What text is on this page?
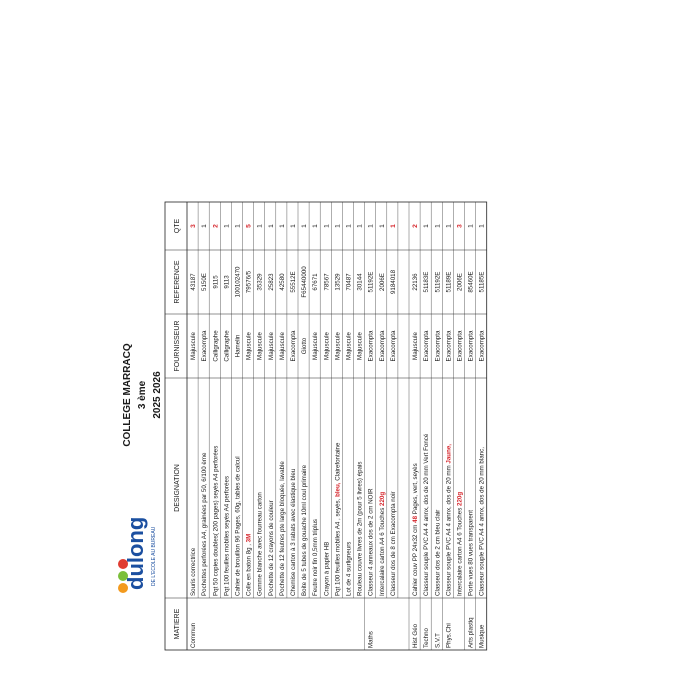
dulong DE L'ECOLE AU BUREAU
COLLEGE MARRACQ 3 ème 2025 2026
MATIERE
DESIGNATION
FOURNISSEUR
REFERENCE
QTE
Commun
Souris correctrice
Majuscule
43187
3
Pochettes perforées A4, grainées par 50, 6/100 ème
Exacompta
5150E
1
Pqt 50 copies doubles( 200 pages) seyès A4 perforées
Calligraphe
9115
2
Pqt 100 feuilles mobiles seyès A4 perforées
Calligraphe
9113
1
Cahier de brouillon 96 Pages, 60g, tables de calcul
Hamelin
100102470
1
Colle en baton 8g , 3M
Majuscule
79576/5
5
Gomme blanche avec fourreau carton
Majuscule
35329
1
Pochette de 12 crayons de couleur
Majuscule
25823
1
Pochette de 12 feutres pte large bloquée, lavable
Majuscule
42580
1
Chemise carton à 3 rabats avec élastique bleu
Exacompta
55512E
1
Boite de 5 tubes de gouache 10ml coul primaire
Giotto
F65440000
1
Feutre noir fin 0,5mm triplus
Majuscule
67671
1
Crayon à papier HB
Majuscule
78567
1
Pqt 100 feuilles mobiles A4 , seyès, bleu, Clairefontaine
Majuscule
13529
1
Lot de 4 surligneurs
Majuscule
70487
1
Rouleau couvre livres de 2m (pour 5 livres) épais
Majuscule
30144
1
Maths
Classeur 4 anneaux dos de 2 cm NOIR
Exacompta
51192E
1
Intercalaire carton A4 6 Touches 220g
Exacompta
2006E
1
Classeur dos de 8 cm Exacompta noir
Exacompta
9184018
1
Hist Géo
Cahier couv PP 24x32 cm 48 Pages, vert, seyès
Majuscule
22136
2
Techno
Classeur souple PVC A4 4 annx, dos de 20 mm Vert Foncé
Exacompta
51183E
1
S.V.T
Classeur dos de 2 cm bleu clair
Exacompta
51192E
1
Phys.Chi
Classeur souple PVC A4 4 annx, dos de 20 mm Jaune,
Exacompta
51189E
1
Intercalaire carton A4 6 Touches 220g
Exacompta
2006E
3
Arts plastiq
Porte vues 80 vues transparent
Exacompta
85460E
1
Musique
Classeur souple PVC A4 4 annx, dos de 20 mm blanc,
Exacompta
51185E
1
